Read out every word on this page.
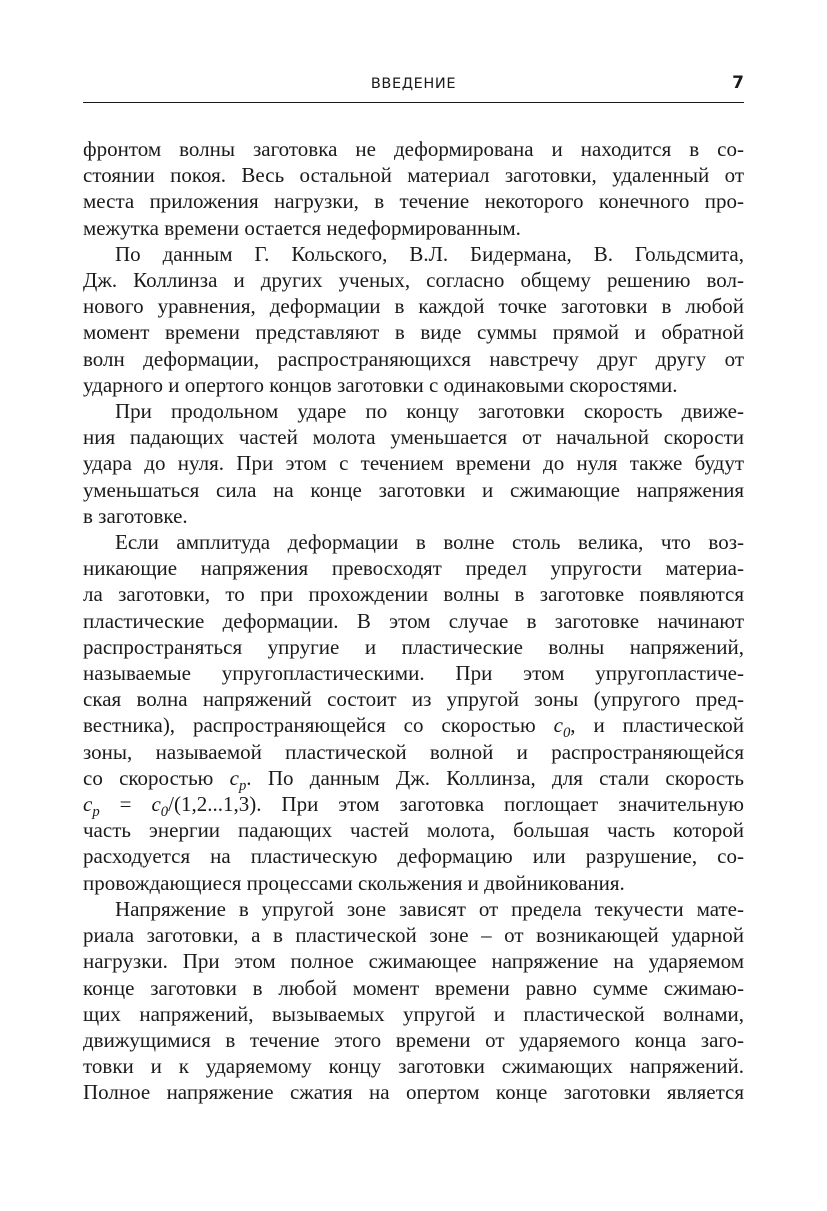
ВВЕДЕНИЕ	7
фронтом волны заготовка не деформирована и находится в со-
стоянии покоя. Весь остальной материал заготовки, удаленный от
места приложения нагрузки, в течение некоторого конечного про-
межутка времени остается недеформированным.
По данным Г. Кольского, В.Л. Бидермана, В. Гольдсмита,
Дж. Коллинза и других ученых, согласно общему решению вол-
нового уравнения, деформации в каждой точке заготовки в любой
момент времени представляют в виде суммы прямой и обратной
волн деформации, распространяющихся навстречу друг другу от
ударного и опертого концов заготовки с одинаковыми скоростями.
При продольном ударе по концу заготовки скорость движе-
ния падающих частей молота уменьшается от начальной скорости
удара до нуля. При этом с течением времени до нуля также будут
уменьшаться сила на конце заготовки и сжимающие напряжения
в заготовке.
Если амплитуда деформации в волне столь велика, что воз-
никающие напряжения превосходят предел упругости материа-
ла заготовки, то при прохождении волны в заготовке появляются
пластические деформации. В этом случае в заготовке начинают
распространяться упругие и пластические волны напряжений,
называемые упругопластическими. При этом упругопластиче-
ская волна напряжений состоит из упругой зоны (упругого пред-
вестника), распространяющейся со скоростью $c_0$, и пластической
зоны, называемой пластической волной и распространяющейся
со скоростью $c_p$. По данным Дж. Коллинза, для стали скорость
$c_p = c_0/(1,2...1,3)$. При этом заготовка поглощает значительную
часть энергии падающих частей молота, большая часть которой
расходуется на пластическую деформацию или разрушение, со-
провождающиеся процессами скольжения и двойникования.
Напряжение в упругой зоне зависят от предела текучести мате-
риала заготовки, а в пластической зоне – от возникающей ударной
нагрузки. При этом полное сжимающее напряжение на ударяемом
конце заготовки в любой момент времени равно сумме сжимаю-
щих напряжений, вызываемых упругой и пластической волнами,
движущимися в течение этого времени от ударяемого конца заго-
товки и к ударяемому концу заготовки сжимающих напряжений.
Полное напряжение сжатия на опертом конце заготовки является
